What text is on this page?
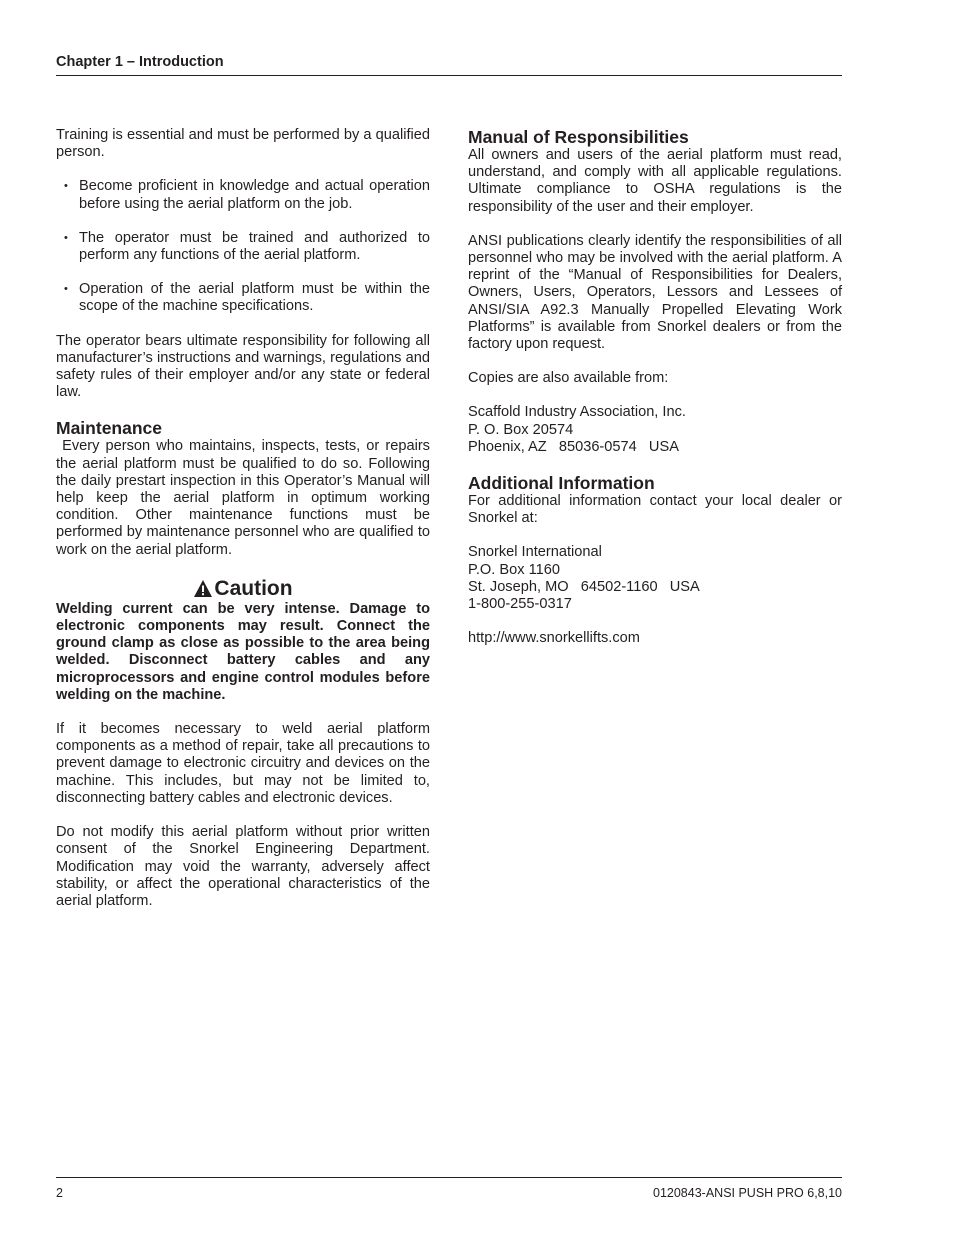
Chapter 1 – Introduction

Training is essential and must be performed by a qualified person.

• Become proficient in knowledge and actual operation before using the aerial platform on the job.
• The operator must be trained and authorized to perform any functions of the aerial platform.
• Operation of the aerial platform must be within the scope of the machine specifications.

The operator bears ultimate responsibility for following all manufacturer’s instructions and warnings, regulations and safety rules of their employer and/or any state or federal law.

Maintenance

Every person who maintains, inspects, tests, or repairs the aerial platform must be qualified to do so. Following the daily prestart inspection in this Operator’s Manual will help keep the aerial platform in optimum working condition. Other maintenance functions must be performed by maintenance personnel who are qualified to work on the aerial platform.

Caution

Welding current can be very intense. Damage to electronic components may result. Connect the ground clamp as close as possible to the area being welded. Disconnect battery cables and any microprocessors and engine control modules before welding on the machine.

If it becomes necessary to weld aerial platform components as a method of repair, take all precautions to prevent damage to electronic circuitry and devices on the machine. This includes, but may not be limited to, disconnecting battery cables and electronic devices.

Do not modify this aerial platform without prior written consent of the Snorkel Engineering Department. Modification may void the warranty, adversely affect stability, or affect the operational characteristics of the aerial platform.

Manual of Responsibilities

All owners and users of the aerial platform must read, understand, and comply with all applicable regulations. Ultimate compliance to OSHA regulations is the responsibility of the user and their employer.

ANSI publications clearly identify the responsibilities of all personnel who may be involved with the aerial platform. A reprint of the “Manual of Responsibilities for Dealers, Owners, Users, Operators, Lessors and Lessees of ANSI/SIA A92.3 Manually Propelled Elevating Work Platforms” is available from Snorkel dealers or from the factory upon request.

Copies are also available from:

Scaffold Industry Association, Inc.
P. O. Box 20574
Phoenix, AZ   85036-0574   USA
Additional Information

For additional information contact your local dealer or Snorkel at:

Snorkel International
P.O. Box 1160
St. Joseph, MO   64502-1160   USA
1-800-255-0317

http://www.snorkellifts.com

2	0120843-ANSI PUSH PRO 6,8,10
